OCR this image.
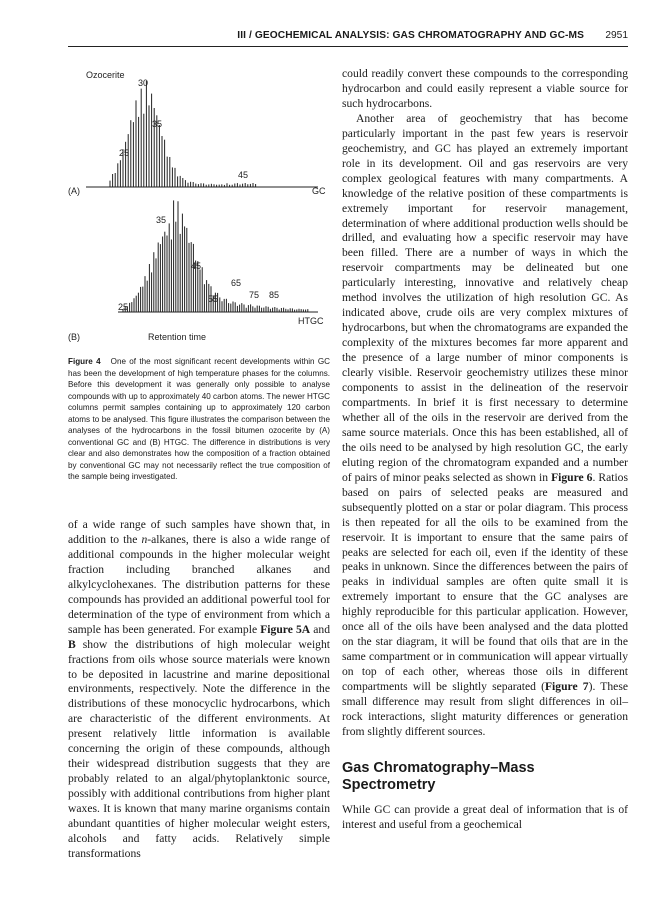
III / GEOCHEMICAL ANALYSIS: GAS CHROMATOGRAPHY AND GC-MS 2951
Ozocerite
30
35
25
45
(A)	GC
35
45
65
55	75 85
25
HTGC
(B)	Retention time
Figure 4 One of the most significant recent developments within GC has been the development of high temperature phases for the columns. Before this development it was generally only possible to analyse compounds with up to approximately 40 carbon atoms. The newer HTGC columns permit samples containing up to approximately 120 carbon atoms to be analysed. This figure illustrates the comparison between the analyses of the hydrocarbons in the fossil bitumen ozocerite by (A) conventional GC and (B) HTGC. The difference in distributions is very clear and also demonstrates how the composition of a fraction obtained by conventional GC may not necessarily reflect the true composition of the sample being investigated.

of a wide range of such samples have shown that, in addition to the n-alkanes, there is also a wide range of additional compounds in the higher molecular weight fraction including branched alkanes and alkylcyclohexanes. The distribution patterns for these compounds has provided an additional powerful tool for determination of the type of environment from which a sample has been generated. For example Figure 5A and B show the distributions of high molecular weight fractions from oils whose source materials were known to be deposited in lacustrine and marine depositional environments, respectively. Note the difference in the distributions of these monocyclic hydrocarbons, which are characteristic of the different environments. At present relatively little information is available concerning the origin of these compounds, although their widespread distribution suggests that they are probably related to an algal/phytoplanktonic source, possibly with additional contributions from higher plant waxes. It is known that many marine organisms contain abundant quantities of higher molecular weight esters, alcohols and fatty acids. Relatively simple transformations

could readily convert these compounds to the corresponding hydrocarbon and could easily represent a viable source for such hydrocarbons.

Another area of geochemistry that has become particularly important in the past few years is reservoir geochemistry, and GC has played an extremely important role in its development. Oil and gas reservoirs are very complex geological features with many compartments. A knowledge of the relative position of these compartments is extremely important for reservoir management, determination of where additional production wells should be drilled, and evaluating how a specific reservoir may have been filled. There are a number of ways in which the reservoir compartments may be delineated but one particularly interesting, innovative and relatively cheap method involves the utilization of high resolution GC. As indicated above, crude oils are very complex mixtures of hydrocarbons, but when the chromatograms are expanded the complexity of the mixtures becomes far more apparent and the presence of a large number of minor components is clearly visible. Reservoir geochemistry utilizes these minor components to assist in the delineation of the reservoir compartments. In brief it is first necessary to determine whether all of the oils in the reservoir are derived from the same source materials. Once this has been established, all of the oils need to be analysed by high resolution GC, the early eluting region of the chromatogram expanded and a number of pairs of minor peaks selected as shown in Figure 6. Ratios based on pairs of selected peaks are measured and subsequently plotted on a star or polar diagram. This process is then repeated for all the oils to be examined from the reservoir. It is important to ensure that the same pairs of peaks are selected for each oil, even if the identity of these peaks in unknown. Since the differences between the pairs of peaks in individual samples are often quite small it is extremely important to ensure that the GC analyses are highly reproducible for this particular application. However, once all of the oils have been analysed and the data plotted on the star diagram, it will be found that oils that are in the same compartment or in communication will appear virtually on top of each other, whereas those oils in different compartments will be slightly separated (Figure 7). These small difference may result from slight differences in oil–rock interactions, slight maturity differences or generation from slightly different sources.

Gas Chromatography–Mass Spectrometry

While GC can provide a great deal of information that is of interest and useful from a geochemical
